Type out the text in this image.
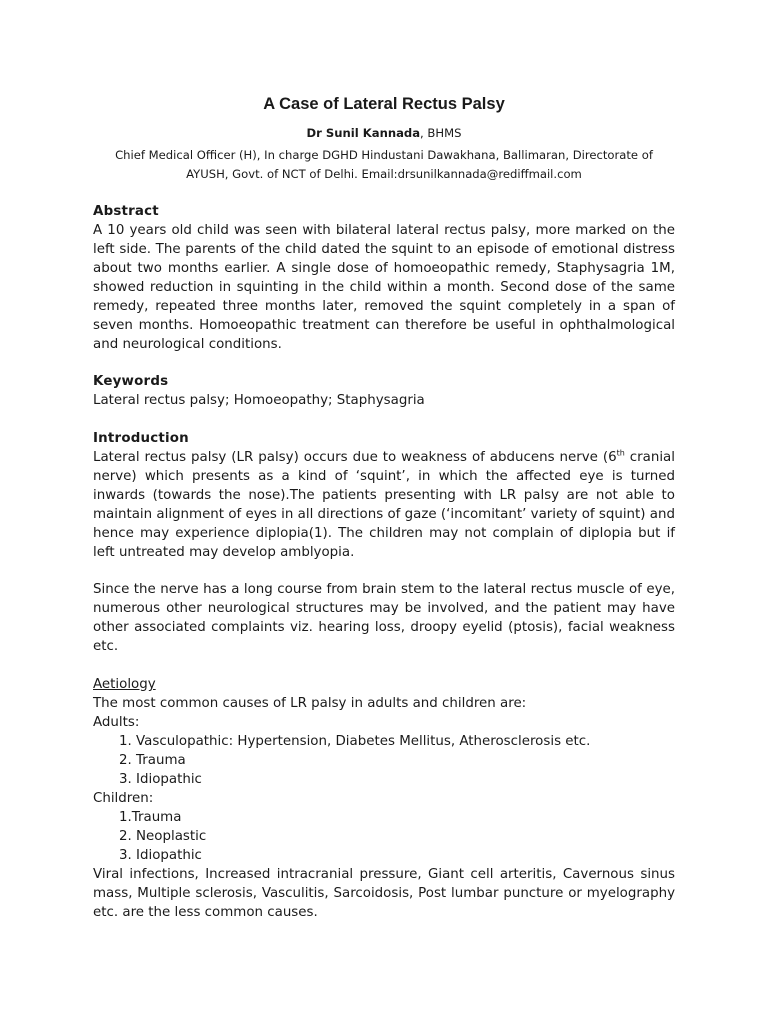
A Case of Lateral Rectus Palsy
Dr Sunil Kannada, BHMS
Chief Medical Officer (H), In charge DGHD Hindustani Dawakhana, Ballimaran, Directorate of AYUSH, Govt. of NCT of Delhi. Email:drsunilkannada@rediffmail.com
Abstract
A 10 years old child was seen with bilateral lateral rectus palsy, more marked on the left side. The parents of the child dated the squint to an episode of emotional distress about two months earlier. A single dose of homoeopathic remedy, Staphysagria 1M, showed reduction in squinting in the child within a month. Second dose of the same remedy, repeated three months later, removed the squint completely in a span of seven months. Homoeopathic treatment can therefore be useful in ophthalmological and neurological conditions.
Keywords
Lateral rectus palsy; Homoeopathy; Staphysagria
Introduction
Lateral rectus palsy (LR palsy) occurs due to weakness of abducens nerve (6th cranial nerve) which presents as a kind of ‘squint’, in which the affected eye is turned inwards (towards the nose).The patients presenting with LR palsy are not able to maintain alignment of eyes in all directions of gaze (‘incomitant’ variety of squint) and hence may experience diplopia(1). The children may not complain of diplopia but if left untreated may develop amblyopia.
Since the nerve has a long course from brain stem to the lateral rectus muscle of eye, numerous other neurological structures may be involved, and the patient may have other associated complaints viz. hearing loss, droopy eyelid (ptosis), facial weakness etc.
Aetiology
The most common causes of LR palsy in adults and children are:
Adults:
1. Vasculopathic: Hypertension, Diabetes Mellitus, Atherosclerosis etc.
2. Trauma
3. Idiopathic
Children:
1.Trauma
2. Neoplastic
3. Idiopathic
Viral infections, Increased intracranial pressure, Giant cell arteritis, Cavernous sinus mass, Multiple sclerosis, Vasculitis, Sarcoidosis, Post lumbar puncture or myelography etc. are the less common causes.
